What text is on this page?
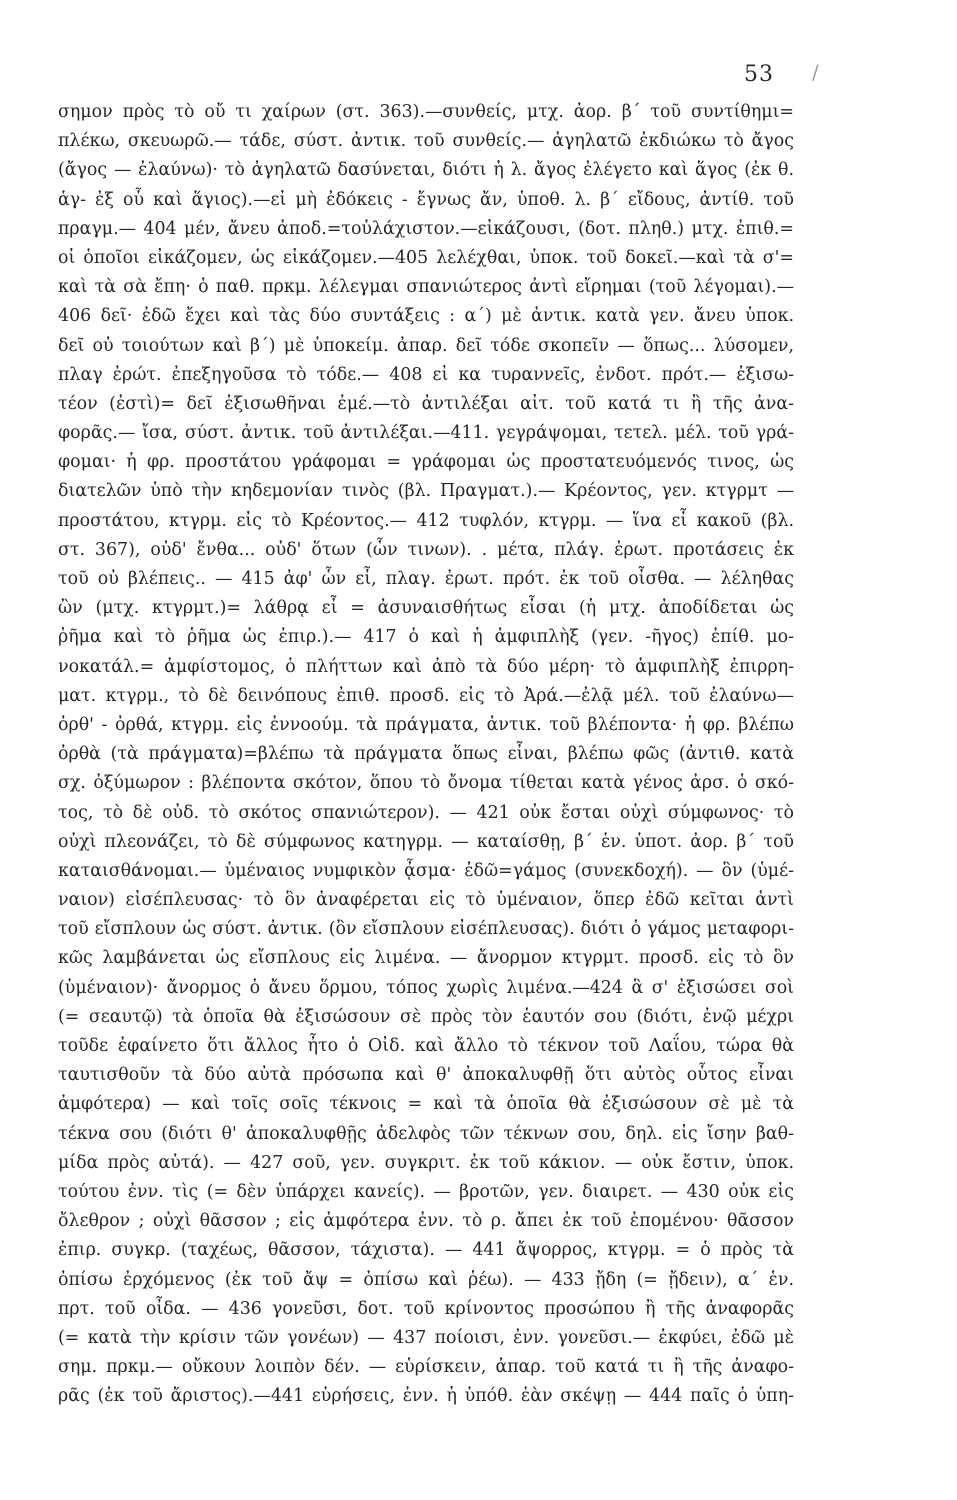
53 /
σημον πρὸς τὸ οὔ τι χαίρων (στ. 363).—συνθείς, μτχ. ἀορ. β΄ τοῦ συντίθημι=
πλέκω, σκευωρῶ.— τάδε, σύστ. ἀντικ. τοῦ συνθείς.— ἀγηλατῶ ἐκδιώκω τὸ ἄγος
(ἄγος — ἐλαύνω)· τὸ ἀγηλατῶ δασύνεται, διότι ἡ λ. ἄγος ἐλέγετο καὶ ἅγος (ἐκ θ.
ἁγ- ἐξ οὗ καὶ ἅγιος).—εἰ μὴ ἐδόκεις - ἔγνως ἄν, ὑποθ. λ. β΄ εἴδους, ἀντίθ. τοῦ
πραγμ.— 404 μέν, ἄνευ ἀποδ.=τοὐλάχιστον.—εἰκάζουσι, (δοτ. πληθ.) μτχ. ἐπιθ.=
οἱ ὁποῖοι εἰκάζομεν, ὡς εἰκάζομεν.—405 λελέχθαι, ὑποκ. τοῦ δοκεῖ.—καὶ τὰ σ'=
καὶ τὰ σὰ ἔπη· ὁ παθ. πρκμ. λέλεγμαι σπανιώτερος ἀντὶ εἴρημαι (τοῦ λέγομαι).—
406 δεῖ· ἐδῶ ἔχει καὶ τὰς δύο συντάξεις : α΄) μὲ ἀντικ. κατὰ γεν. ἄνευ ὑποκ.
δεῖ οὐ τοιούτων καὶ β΄) μὲ ὑποκείμ. ἀπαρ. δεῖ τόδε σκοπεῖν — ὅπως... λύσομεν,
πλαγ ἐρώτ. ἐπεξηγοῦσα τὸ τόδε.— 408 εἰ κα τυραννεῖς, ἐνδοτ. πρότ.— ἐξισω-
τέον (ἐστὶ)= δεῖ ἐξισωθῆναι ἐμέ.—τὸ ἀντιλέξαι αἰτ. τοῦ κατά τι ἢ τῆς ἀνα-
φορᾶς.— ἴσα, σύστ. ἀντικ. τοῦ ἀντιλέξαι.—411. γεγράψομαι, τετελ. μέλ. τοῦ γρά-
φομαι· ἡ φρ. προστάτου γράφομαι = γράφομαι ὡς προστατευόμενός τινος, ὡς
διατελῶν ὑπὸ τὴν κηδεμονίαν τινὸς (βλ. Πραγματ.).— Κρέοντος, γεν. κτγρμτ —
προστάτου, κτγρμ. εἰς τὸ Κρέοντος.— 412 τυφλόν, κτγρμ. — ἵνα εἶ κακοῦ (βλ.
στ. 367), οὐδ' ἔνθα... οὐδ' ὅτων (ὧν τινων). . μέτα, πλάγ. ἐρωτ. προτάσεις ἐκ
τοῦ οὐ βλέπεις.. — 415 ἀφ' ὧν εἶ, πλαγ. ἐρωτ. πρότ. ἐκ τοῦ οἶσθα. — λέληθας
ὢν (μτχ. κτγρμτ.)= λάθρᾳ εἶ = ἀσυναισθήτως εἶσαι (ἡ μτχ. ἀποδίδεται ὡς
ῥῆμα καὶ τὸ ῥῆμα ὡς ἐπιρ.).— 417 ὁ καὶ ἡ ἀμφιπλὴξ (γεν. -ῆγος) ἐπίθ. μο-
νοκατάλ.= ἀμφίστομος, ὁ πλήττων καὶ ἀπὸ τὰ δύο μέρη· τὸ ἀμφιπλὴξ ἐπιρρη-
ματ. κτγρμ., τὸ δὲ δεινόπους ἐπιθ. προσδ. εἰς τὸ Ἀρά.—ἐλᾷ μέλ. τοῦ ἐλαύνω—
ὀρθ' - ὀρθά, κτγρμ. εἰς ἐννοούμ. τὰ πράγματα, ἀντικ. τοῦ βλέποντα· ἡ φρ. βλέπω
ὀρθὰ (τὰ πράγματα)=βλέπω τὰ πράγματα ὅπως εἶναι, βλέπω φῶς (ἀντιθ. κατὰ
σχ. ὀξύμωρον : βλέποντα σκότον, ὅπου τὸ ὄνομα τίθεται κατὰ γένος ἀρσ. ὁ σκό-
τος, τὸ δὲ οὐδ. τὸ σκότος σπανιώτερον). — 421 οὐκ ἔσται οὐχὶ σύμφωνος· τὸ
οὐχὶ πλεονάζει, τὸ δὲ σύμφωνος κατηγρμ. — καταίσθῃ, β΄ ἑν. ὑποτ. ἀορ. β΄ τοῦ
καταισθάνομαι.— ὑμέναιος νυμφικὸν ᾆσμα· ἐδῶ=γάμος (συνεκδοχή). — ὃν (ὑμέ-
ναιον) εἰσέπλευσας· τὸ ὃν ἀναφέρεται εἰς τὸ ὑμέναιον, ὅπερ ἐδῶ κεῖται ἀντὶ
τοῦ εἴσπλουν ὡς σύστ. ἀντικ. (ὃν εἴσπλουν εἰσέπλευσας). διότι ὁ γάμος μεταφορι-
κῶς λαμβάνεται ὡς εἴσπλους εἰς λιμένα. — ἄνορμον κτγρμτ. προσδ. εἰς τὸ ὃν
(ὑμέναιον)· ἄνορμος ὁ ἄνευ ὅρμου, τόπος χωρὶς λιμένα.—424 ἃ σ' ἐξισώσει σοὶ
(= σεαυτῷ) τὰ ὁποῖα θὰ ἐξισώσουν σὲ πρὸς τὸν ἑαυτόν σου (διότι, ἐνῷ μέχρι
τοῦδε ἐφαίνετο ὅτι ἄλλος ἦτο ὁ Οἰδ. καὶ ἄλλο τὸ τέκνον τοῦ Λαΐου, τώρα θὰ
ταυτισθοῦν τὰ δύο αὐτὰ πρόσωπα καὶ θ' ἀποκαλυφθῇ ὅτι αὐτὸς οὗτος εἶναι
ἀμφότερα) — καὶ τοῖς σοῖς τέκνοις = καὶ τὰ ὁποῖα θὰ ἐξισώσουν σὲ μὲ τὰ
τέκνα σου (διότι θ' ἀποκαλυφθῇς ἀδελφὸς τῶν τέκνων σου, δηλ. εἰς ἴσην βαθ-
μίδα πρὸς αὐτά). — 427 σοῦ, γεν. συγκριτ. ἐκ τοῦ κάκιον. — οὐκ ἔστιν, ὑποκ.
τούτου ἐνν. τὶς (= δὲν ὑπάρχει κανείς). — βροτῶν, γεν. διαιρετ. — 430 οὐκ εἰς
ὄλεθρον ; οὐχὶ θᾶσσον ; εἰς ἀμφότερα ἐνν. τὸ ρ. ἄπει ἐκ τοῦ ἑπομένου· θᾶσσον
ἐπιρ. συγκρ. (ταχέως, θᾶσσον, τάχιστα). — 441 ἄψορρος, κτγρμ. = ὁ πρὸς τὰ
ὀπίσω ἐρχόμενος (ἐκ τοῦ ἄψ = ὀπίσω καὶ ῥέω). — 433 ᾔδη (= ᾔδειν), α΄ ἑν.
πρτ. τοῦ οἶδα. — 436 γονεῦσι, δοτ. τοῦ κρίνοντος προσώπου ἢ τῆς ἀναφορᾶς
(= κατὰ τὴν κρίσιν τῶν γονέων) — 437 ποίοισι, ἐνν. γονεῦσι.— ἐκφύει, ἐδῶ μὲ
σημ. πρκμ.— οὔκουν λοιπὸν δέν. — εὑρίσκειν, ἀπαρ. τοῦ κατά τι ἢ τῆς ἀναφο-
ρᾶς (ἐκ τοῦ ἄριστος).—441 εὑρήσεις, ἐνν. ἡ ὑπόθ. ἐὰν σκέψῃ — 444 παῖς ὁ ὑπη-
